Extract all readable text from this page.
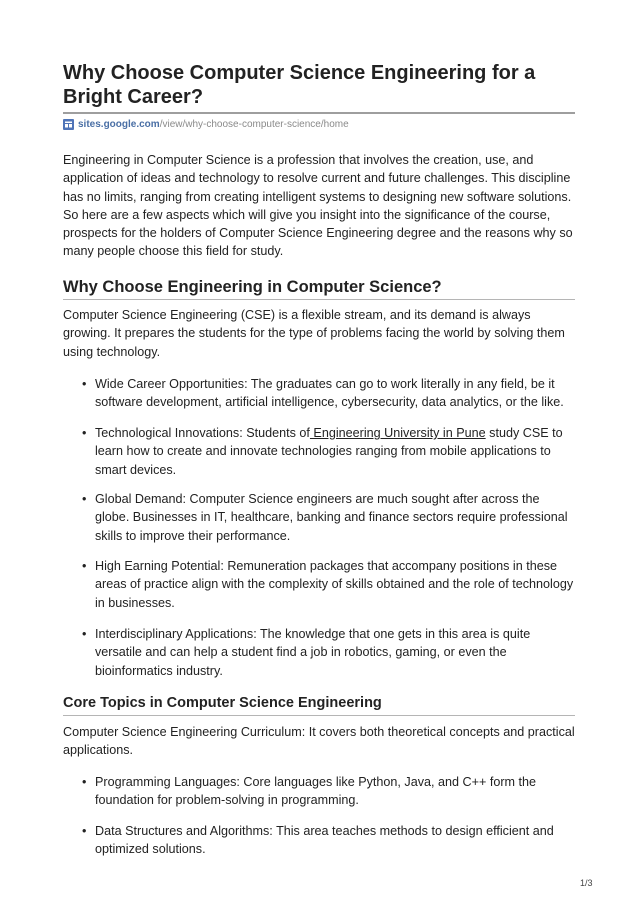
Why Choose Computer Science Engineering for a Bright Career?
sites.google.com /view/why-choose-computer-science/home

Engineering in Computer Science is a profession that involves the creation, use, and application of ideas and technology to resolve current and future challenges. This discipline has no limits, ranging from creating intelligent systems to designing new software solutions. So here are a few aspects which will give you insight into the significance of the course, prospects for the holders of Computer Science Engineering degree and the reasons why so many people choose this field for study.

Why Choose Engineering in Computer Science?

Computer Science Engineering (CSE) is a flexible stream, and its demand is always growing. It prepares the students for the type of problems facing the world by solving them using technology.

• Wide Career Opportunities: The graduates can go to work literally in any field, be it software development, artificial intelligence, cybersecurity, data analytics, or the like.
• Technological Innovations: Students of Engineering University in Pune study CSE to learn how to create and innovate technologies ranging from mobile applications to smart devices.
• Global Demand: Computer Science engineers are much sought after across the globe. Businesses in IT, healthcare, banking and finance sectors require professional skills to improve their performance.
• High Earning Potential: Remuneration packages that accompany positions in these areas of practice align with the complexity of skills obtained and the role of technology in businesses.
• Interdisciplinary Applications: The knowledge that one gets in this area is quite versatile and can help a student find a job in robotics, gaming, or even the bioinformatics industry.
Core Topics in Computer Science Engineering

Computer Science Engineering Curriculum: It covers both theoretical concepts and practical applications.

• Programming Languages: Core languages like Python, Java, and C++ form the foundation for problem-solving in programming.
• Data Structures and Algorithms: This area teaches methods to design efficient and optimized solutions.
1/3
